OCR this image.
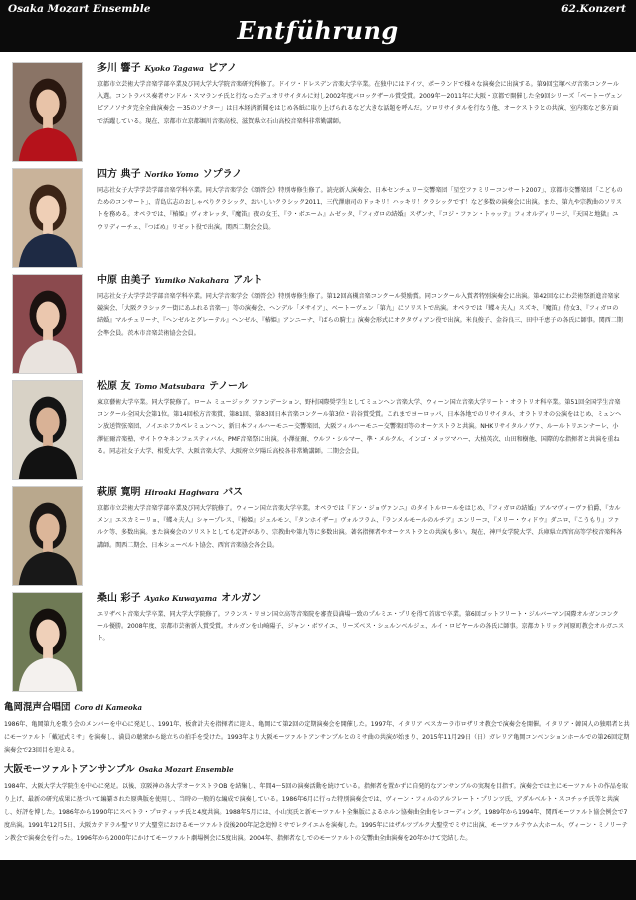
Osaka Mozart Ensemble	62.Konzert
Entführung
多川 響子 Kyoko Tagawa ピアノ
京都市立芸術大学音楽学部卒業及び同大学大学院音楽研究科修了。ドイツ・ドレスデン音楽大学卒業。在独中にはドイツ、ポーランドで様々な演奏会に出演する。第9回宝塚ベガ音楽コンクール入選。コントラバス奏者サンドル・スマランチ氏と行なったデュオリサイタルに対し2002年度バロックザール賞受賞。2009年～2011年に大阪・京都で開催した全9回シリーズ「ベートーヴェン ピアノソナタ完全全曲演奏会 ～35のソナタ～」は日本経済新聞をはじめ各紙に取り上げられるなど大きな話題を呼んだ。ソロリサイタルを行なう他、オーケストラとの共演、室内楽など多方面で活躍している。現在、京都市立京都堀川音楽高校、滋賀県立石山高校音楽科非常勤講師。
四方 典子 Noriko Yomo ソプラノ
同志社女子大学学芸学部音楽学科卒業。同大学音楽学会《頌啓会》特別専修生修了。読売新人演奏会、日本センチュリー交響楽団「星空ファミリーコンサート2007」、京都市交響楽団「こどものためのコンサート」、青島広志のおしゃべりクラシック、おいしいクラシック2011、三代澤康司のドッキリ！ハッキリ！クラシックです！など多数の演奏会に出演。また、第九や宗教曲のソリストを務める。オペラでは、『椿姫』ヴィオレッタ、『魔笛』夜の女王、『ラ・ボエーム』ムゼッタ、『フィガロの結婚』スザンナ、『コジ・ファン・トゥッテ』フィオルディリージ、『天国と地獄』ユウリディーチェ、『つばめ』リゼット役で出演。関西二期会会員。
中原 由美子 Yumiko Nakahara アルト
同志社女子大学学芸学部音楽学科卒業。同大学音楽学会《頌啓会》特別専修生修了。第12回高槻音楽コンクール奨励賞。同コンクール入賞者特別演奏会に出演。第42回なにわ芸術祭新進音楽家競演会、「大阪クラシック～街にあふれる音楽～」等の演奏会、ヘンデル「メサイア」、ベートーヴェン「第九」にソリストで出演。オペラでは『蝶々夫人』スズキ、『魔笛』侍女3、『フィガロの結婚』マルチェリーナ、『ヘンゼルとグレーテル』ヘンゼル、『椿姫』アンニーナ、『ばらの騎士』演奏会形式にオクタヴィアン役で出演。米良俊子、金谷良三、田中千恵子の各氏に師事。関西二期会準会員。茨木市音楽芸術協会会員。
松原 友 Tomo Matsubara テノール
東京藝術大学卒業。同大学院修了。ローム ミュージック ファンデーション、野村国際奨学生としてミュンヘン音楽大学、ウィーン国立音楽大学リート・オラトリオ科卒業。第51回全国学生音楽コンクール全国大会第1位。第14回松方音楽賞、第81回、第83回日本音楽コンクール第3位・岩谷賞受賞。これまでヨーロッパ、日本各地でのリサイタル、オラトリオの公演をはじめ、ミュンヘン放送管弦楽団、ノイエホフカペレミュンヘン、新日本フィルハーモニー交響楽団、大阪フィルハーモニー交響楽団等のオーケストラと共演。NHKリサイタルノヴァ、ルールトリエンナーレ、小澤征爾音楽塾、サイトウキネンフェスティバル、PMF音楽祭に出演。小澤征爾、ウルフ・シルマー、準・メルクル、インゴ・メッツマハー、大植英次、山田和樹他、国際的な指揮者と共演を重ねる。同志社女子大学、相愛大学、大阪音楽大学、大阪府立夕陽丘高校各非常勤講師。二期会会員。
萩原 寛明 Hiroaki Hagiwara バス
京都市立芸術大学音楽学部卒業及び同大学院修了。ウィーン国立音楽大学卒業。オペラでは『ドン・ジョヴァンニ』のタイトルロールをはじめ、『フィガロの結婚』アルマヴィーヴァ伯爵、『カルメン』エスカミーリョ、『蝶々夫人』シャープレス、『椿姫』ジェルモン、『タンホイザー』ヴォルフラム、『ランメルモールのルチア』エンリーコ、『メリー・ウィドウ』ダニロ、『こうもり』ファルケ等、多数出演。また演奏会のソリストとしても定評があり、宗教曲や第九等に多数出演。著名指揮者やオーケストラとの共演も多い。現在、神戸女学院大学、兵庫県立西宮高等学校音楽科各講師。関西二期会、日本シューベルト協会、西宮音楽協会各会員。
桑山 彩子 Ayako Kuwayama オルガン
エリザベト音楽大学卒業、同大学大学院修了。フランス・リヨン国立高等音楽院を審査員満場一致のプルミエ・プリを得て首席で卒業。第6回ゴットフリート・ジルバーマン国際オルガンコンクール優勝。2008年度、京都市芸術新人賞受賞。オルガンを山崎陽子、ジャン・ボワイエ、リーズベス・シュルンベルジェ、ルイ・ロビヤールの各氏に師事。京都カトリック河原町教会オルガニスト。
亀岡混声合唱団 Coro di Kameoka
1986年、亀岡第九を歌う会のメンバーを中心に発足し、1991年、板倉計夫を指揮者に迎え、亀岡にて第2回の定期演奏会を開催した。1997年、イタリア ベスカーラ市ロザリオ教会で演奏会を開催。イタリア・韓国人の独唱者と共にモーツァルト「戴冠式ミサ」を演奏し、満員の聴衆から総立ちの拍手を受けた。1993年より大阪モーツァルトアンサンブルとのミサ曲の共演が始まり、2015年11月29日（日）ガレリア亀岡コンベンションホールでの第26回定期演奏会で23回目を迎える。
大阪モーツァルトアンサンブル Osaka Mozart Ensemble
1984年、大阪大学大学院生を中心に発足。以後、京阪神の各大学オーケストラOB を結集し、年間4～5回の演奏活動を続けている。指揮者を置かずに自発的なアンサンブルの実現を目指す。演奏会では主にモーツァルトの作品を取り上げ、最新の研究成果に基づいて編纂された原典版を使用し、当時の一般的な編成で演奏している。1986年6月に行った特別演奏会では、ヴィーン・フィルのアルフレート・プリンツ氏、アダルベルト・スコチッチ氏等と共演し、好評を博した。1986年から1990年にスベトラ・プロティッチ氏と4度共演。1988年5月には、小山実氏と新モーツァルト全集版によるホルン協奏曲全曲をレコーディング。1989年から1994年、関西モーツァルト協会例会で7度出演。1991年12月5日、大阪カテドラル聖マリア大聖堂におけるモーツァルト没後200年記念追悼ミサでレクイエムを演奏した。1995年にはザルツブルク大聖堂でミサに出演、モーツァルテウム大ホール、ヴィーン・ミノリーテン教会で演奏会を行った。1996年から2000年にかけてモーツァルト劇場例会に5度出演。2004年、指揮者なしでのモーツァルトの交響曲全曲演奏を20年かけて完結した。
